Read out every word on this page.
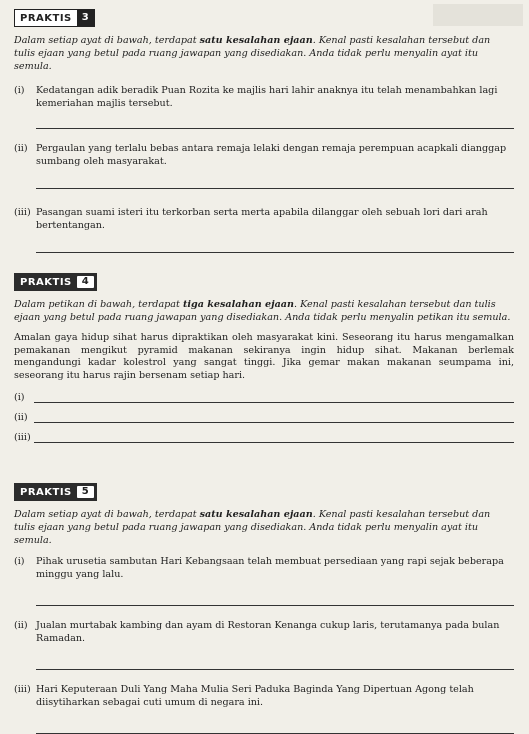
PRAKTIS	3

Dalam setiap ayat di bawah, terdapat satu kesalahan ejaan. Kenal pasti kesalahan tersebut dan tulis ejaan yang betul pada ruang jawapan yang disediakan. Anda tidak perlu menyalin ayat itu semula.

(i)	Kedatangan adik beradik Puan Rozita ke majlis hari lahir anaknya itu telah menambahkan lagi kemeriahan majlis tersebut.
(ii) Pergaulan yang terlalu bebas antara remaja lelaki dengan remaja perempuan acapkali dianggap sumbang oleh masyarakat.
(iii) Pasangan suami isteri itu terkorban serta merta apabila dilanggar oleh sebuah lori dari arah bertentangan.
PRAKTIS	4

Dalam petikan di bawah, terdapat tiga kesalahan ejaan. Kenal pasti kesalahan tersebut dan tulis ejaan yang betul pada ruang jawapan yang disediakan. Anda tidak perlu menyalin petikan itu semula.

Amalan gaya hidup sihat harus dipraktikan oleh masyarakat kini. Seseorang itu harus mengamalkan pemakanan mengikut pyramid makanan sekiranya ingin hidup sihat. Makanan berlemak mengandungi kadar kolestrol yang sangat tinggi. Jika gemar makan makanan seumpama ini, seseorang itu harus rajin bersenam setiap hari.

(i)
(ii)
(iii)
PRAKTIS	5

Dalam setiap ayat di bawah, terdapat satu kesalahan ejaan. Kenal pasti kesalahan tersebut dan tulis ejaan yang betul pada ruang jawapan yang disediakan. Anda tidak perlu menyalin ayat itu semula.

(i)	Pihak urusetia sambutan Hari Kebangsaan telah membuat persediaan yang rapi sejak beberapa minggu yang lalu.
(ii) Jualan murtabak kambing dan ayam di Restoran Kenanga cukup laris, terutamanya pada bulan Ramadan.
(iii) Hari Keputeraan Duli Yang Maha Mulia Seri Paduka Baginda Yang Dipertuan Agong telah diisytiharkan sebagai cuti umum di negara ini.
